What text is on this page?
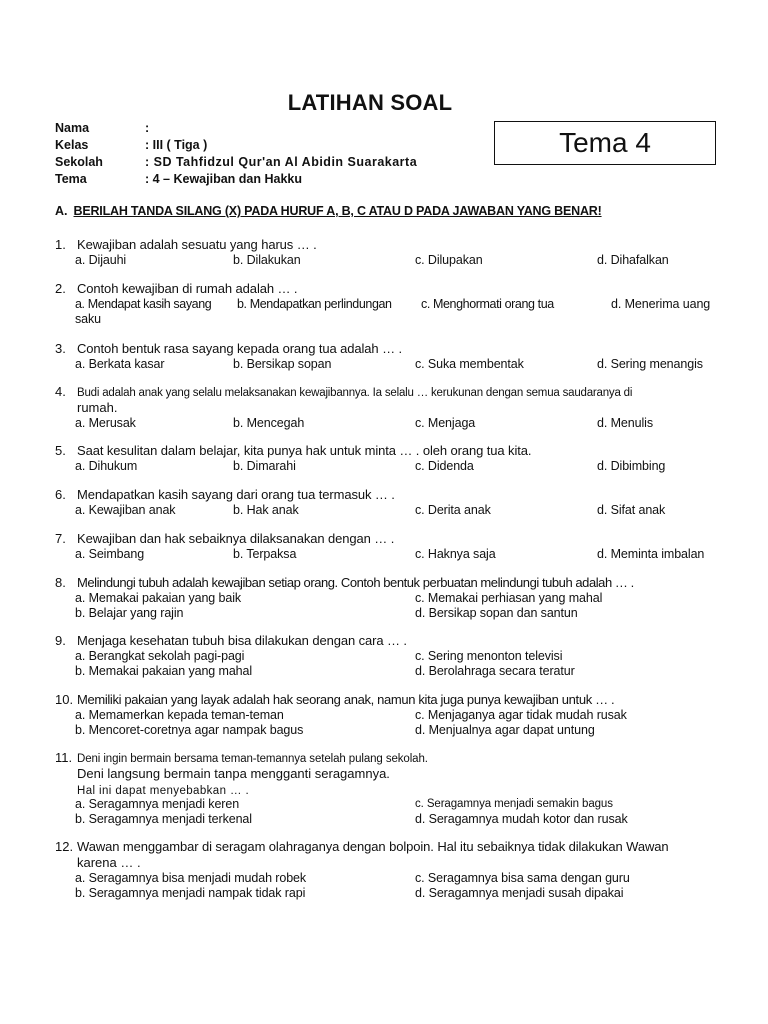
LATIHAN SOAL
Nama	:
Kelas	: III ( Tiga )
Sekolah	: SD Tahfidzul Qur'an Al Abidin Suarakarta
Tema	: 4 – Kewajiban dan Hakku
Tema 4
A. BERILAH TANDA SILANG (X) PADA HURUF A, B, C ATAU D PADA JAWABAN YANG BENAR!
1. Kewajiban adalah sesuatu yang harus … .
a. Dijauhi	b. Dilakukan	c. Dilupakan	d. Dihafalkan
2. Contoh kewajiban di rumah adalah … .
a. Mendapat kasih sayang b. Mendapatkan perlindungan c. Menghormati orang tua	d. Menerima uang
saku
3. Contoh bentuk rasa sayang kepada orang tua adalah … .
a. Berkata kasar	b. Bersikap sopan	c. Suka membentak	d. Sering menangis
4. Budi adalah anak yang selalu melaksanakan kewajibannya. Ia selalu … kerukunan dengan semua saudaranya di
rumah.
a. Merusak	b. Mencegah	c. Menjaga	d. Menulis
5. Saat kesulitan dalam belajar, kita punya hak untuk minta … . oleh orang tua kita.
a. Dihukum	b. Dimarahi	c. Didenda	d. Dibimbing
6. Mendapatkan kasih sayang dari orang tua termasuk … .
a. Kewajiban anak	b. Hak anak	c. Derita anak	d. Sifat anak
7. Kewajiban dan hak sebaiknya dilaksanakan dengan … .
a. Seimbang	b. Terpaksa	c. Haknya saja	d. Meminta imbalan
8. Melindungi tubuh adalah kewajiban setiap orang. Contoh bentuk perbuatan melindungi tubuh adalah … .
a. Memakai pakaian yang baik	c. Memakai perhiasan yang mahal
b. Belajar yang rajin	d. Bersikap sopan dan santun
9. Menjaga kesehatan tubuh bisa dilakukan dengan cara … .
a. Berangkat sekolah pagi-pagi	c. Sering menonton televisi
b. Memakai pakaian yang mahal	d. Berolahraga secara teratur
10. Memiliki pakaian yang layak adalah hak seorang anak, namun kita juga punya kewajiban untuk … .
a. Memamerkan kepada teman-teman	c. Menjaganya agar tidak mudah rusak
b. Mencoret-coretnya agar nampak bagus	d. Menjualnya agar dapat untung
11. Deni ingin bermain bersama teman-temannya setelah pulang sekolah.
Deni langsung bermain tanpa mengganti seragamnya.
Hal ini dapat menyebabkan … .
a. Seragamnya menjadi keren	c. Seragamnya menjadi semakin bagus
b. Seragamnya menjadi terkenal	d. Seragamnya mudah kotor dan rusak
12. Wawan menggambar di seragam olahraganya dengan bolpoin. Hal itu sebaiknya tidak dilakukan Wawan
karena … .
a. Seragamnya bisa menjadi mudah robek	c. Seragamnya bisa sama dengan guru
b. Seragamnya menjadi nampak tidak rapi	d. Seragamnya menjadi susah dipakai
